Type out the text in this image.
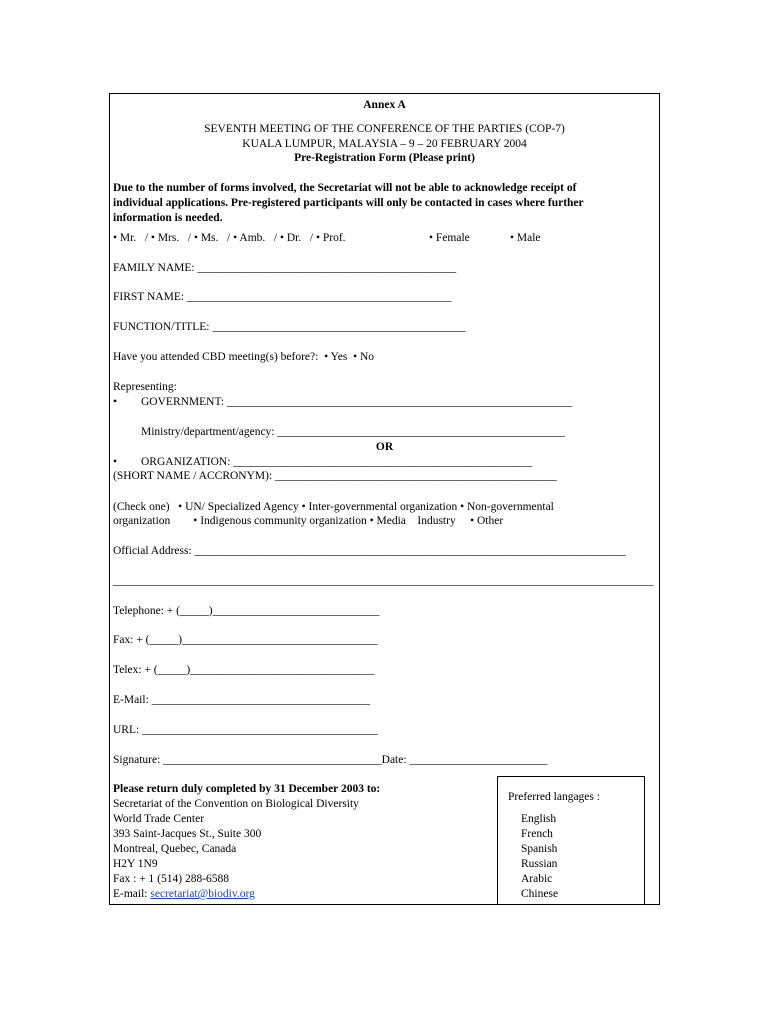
Annex A
SEVENTH MEETING OF THE CONFERENCE OF THE PARTIES (COP-7)
KUALA LUMPUR, MALAYSIA – 9 – 20 FEBRUARY 2004
Pre-Registration Form (Please print)
Due to the number of forms involved, the Secretariat will not be able to acknowledge receipt of
individual applications. Pre-registered participants will only be contacted in cases where further
information is needed.
• Mr. / • Mrs. / • Ms. / • Amb. / • Dr. / • Prof.	• Female	• Male
FAMILY NAME: _____________________________________________
FIRST NAME: ______________________________________________
FUNCTION/TITLE: ____________________________________________
Have you attended CBD meeting(s) before?: • Yes • No
Representing:
• GOVERNMENT: ____________________________________________________________
Ministry/department/agency: __________________________________________________
OR
• ORGANIZATION: ____________________________________________________
(SHORT NAME / ACCRONYM): _________________________________________________
(Check one) • UN/ Specialized Agency • Inter-governmental organization • Non-governmental
organization	• Indigenous community organization • Media Industry • Other
Official Address: ___________________________________________________________________________
______________________________________________________________________________________________
Telephone: + (_____)_____________________________
Fax: + (_____)__________________________________
Telex: + (_____)________________________________
E-Mail: ______________________________________
URL: _________________________________________
Signature: ______________________________________Date: ________________________
Please return duly completed by 31 December 2003 to:
Secretariat of the Convention on Biological Diversity
World Trade Center
393 Saint-Jacques St., Suite 300
Montreal, Quebec, Canada
H2Y 1N9
Fax : + 1 (514) 288-6588
E-mail: secretariat@biodiv.org
Preferred langages :
English
French
Spanish
Russian
Arabic
Chinese
